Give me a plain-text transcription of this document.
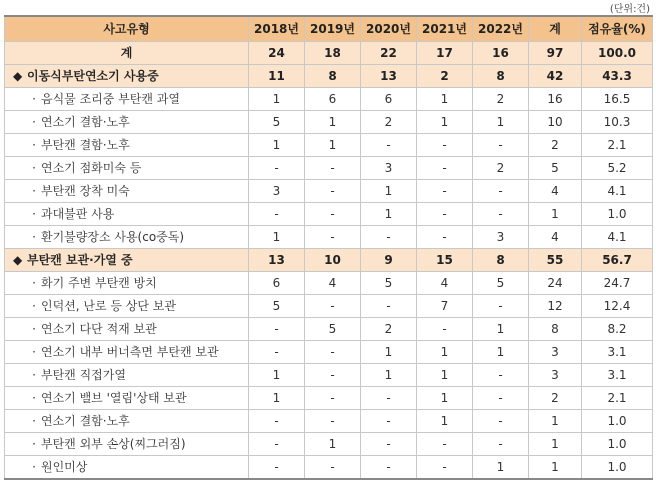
(단위:건)
사고유형	2018년	2019년	2020년	2021년	2022년	계	점유율(%)
계	24	18	22	17	16	97	100.0
◆ 이동식부탄연소기 사용중	11	8	13	2	8	42	43.3
· 음식물 조리중 부탄캔 과열	1	6	6	1	2	16	16.5
· 연소기 결함·노후	5	1	2	1	1	10	10.3
· 부탄캔 결함·노후	1	1	-	-	-	2	2.1
· 연소기 점화미숙 등	-	-	3	-	2	5	5.2
· 부탄캔 장착 미숙	3	-	1	-	-	4	4.1
· 과대불판 사용	-	-	1	-	-	1	1.0
· 환기불량장소 사용(co중독)	1	-	-	-	3	4	4.1
◆ 부탄캔 보관·가열 중	13	10	9	15	8	55	56.7
· 화기 주변 부탄캔 방치	6	4	5	4	5	24	24.7
· 인덕션, 난로 등 상단 보관	5	-	-	7	-	12	12.4
· 연소기 다단 적재 보관	-	5	2	-	1	8	8.2
· 연소기 내부 버너측면 부탄캔 보관	-	-	1	1	1	3	3.1
· 부탄캔 직접가열	1	-	1	1	-	3	3.1
· 연소기 밸브 '열림'상태 보관	1	-	-	1	-	2	2.1
· 연소기 결함·노후	-	-	-	1	-	1	1.0
· 부탄캔 외부 손상(찌그러짐)	-	1	-	-	-	1	1.0
· 원인미상	-	-	-	-	1	1	1.0
